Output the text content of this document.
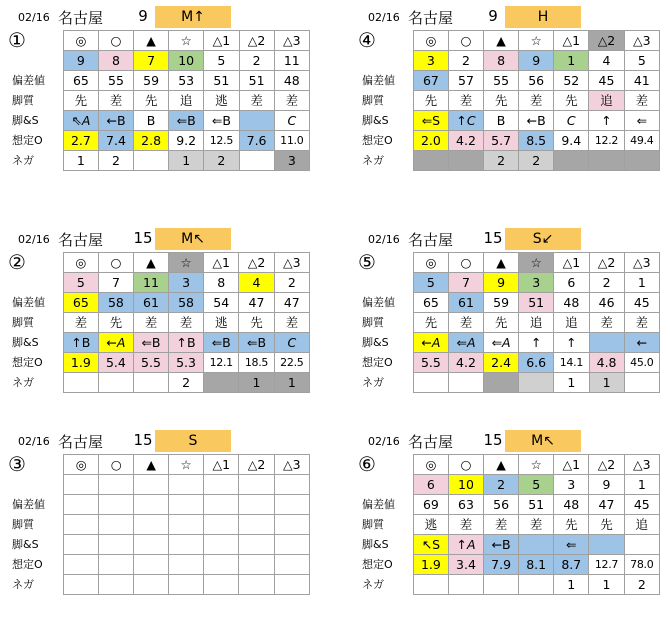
02/16 名古屋	9	M↑
①
		◎	○	▲	☆	△1	△2	△3
	9	8	7	10	5	2	11
偏差値	65	55	59	53	51	51	48
脚質	先	差	先	追	逃	差	差
脚&S	⇖A	←B	B	⇐B	⇐B		C
想定O	2.7	7.4	2.8	9.2	12.5	7.6	11.0
ネガ	1	2		1	2		3
02/16 名古屋	9	H
④
		◎	○	▲	☆	△1	△2	△3
	3	2	8	9	1	4	5
偏差値	67	57	55	56	52	45	41
脚質	先	差	先	差	先	追	差
脚&S	⇐S	↑C	B	←B	C	↑	⇐
想定O	2.0	4.2	5.7	8.5	9.4	12.2	49.4
ネガ			2	2			
02/16 名古屋	15	M↖
②
		◎	○	▲	☆	△1	△2	△3
	5	7	11	3	8	4	2
偏差値	65	58	61	58	54	47	47
脚質	差	先	差	差	逃	先	差
脚&S	↑B	←A	⇐B	↑B	⇐B	⇐B	C
想定O	1.9	5.4	5.5	5.3	12.1	18.5	22.5
ネガ				2		1	1
02/16 名古屋	15	S↙
⑤
		◎	○	▲	☆	△1	△2	△3
	5	7	9	3	6	2	1
偏差値	65	61	59	51	48	46	45
脚質	先	差	先	追	追	差	差
脚&S	←A	⇐A	⇐A	↑	↑		←
想定O	5.5	4.2	2.4	6.6	14.1	4.8	45.0
ネガ					1	1	
02/16 名古屋	15	S
③
		◎	○	▲	☆	△1	△2	△3

偏差値							
脚質							
脚&S							
想定O							
ネガ							
02/16 名古屋	15	M↖
⑥
		◎	○	▲	☆	△1	△2	△3
	6	10	2	5	3	9	1
偏差値	69	63	56	51	48	47	45
脚質	逃	差	差	差	先	先	追
脚&S	↖S	↑A	←B		⇐		
想定O	1.9	3.4	7.9	8.1	8.7	12.7	78.0
ネガ					1	1	2
